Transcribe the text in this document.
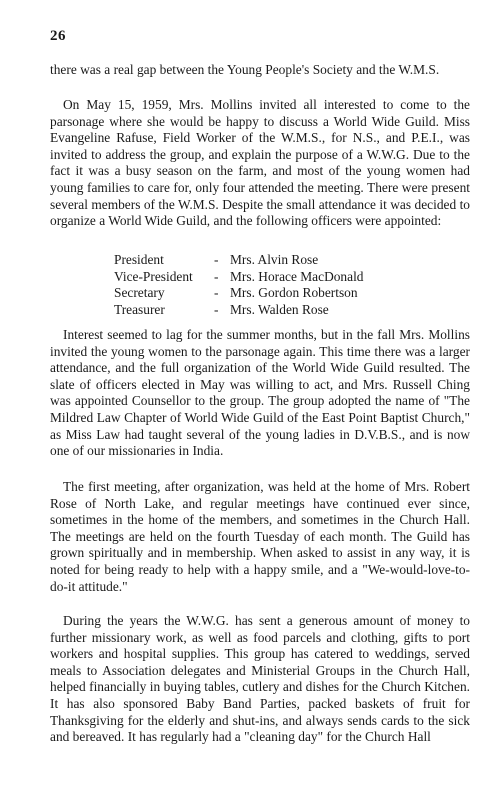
26
there was a real gap between the Young People's Society and the W.M.S.
On May 15, 1959, Mrs. Mollins invited all interested to come to the parsonage where she would be happy to discuss a World Wide Guild. Miss Evangeline Rafuse, Field Worker of the W.M.S., for N.S., and P.E.I., was invited to address the group, and explain the purpose of a W.W.G. Due to the fact it was a busy season on the farm, and most of the young women had young families to care for, only four attended the meeting. There were present several members of the W.M.S. Despite the small attendance it was decided to organize a World Wide Guild, and the following officers were appointed:
President	- Mrs. Alvin Rose
Vice-President	- Mrs. Horace MacDonald
Secretary	- Mrs. Gordon Robertson
Treasurer	- Mrs. Walden Rose
Interest seemed to lag for the summer months, but in the fall Mrs. Mollins invited the young women to the parsonage again. This time there was a larger attendance, and the full organization of the World Wide Guild resulted. The slate of officers elected in May was willing to act, and Mrs. Russell Ching was appointed Counsellor to the group. The group adopted the name of "The Mildred Law Chapter of World Wide Guild of the East Point Baptist Church," as Miss Law had taught several of the young ladies in D.V.B.S., and is now one of our missionaries in India.
The first meeting, after organization, was held at the home of Mrs. Robert Rose of North Lake, and regular meetings have continued ever since, sometimes in the home of the members, and sometimes in the Church Hall. The meetings are held on the fourth Tuesday of each month. The Guild has grown spiritually and in membership. When asked to assist in any way, it is noted for being ready to help with a happy smile, and a "We-would-love-to-do-it attitude."
During the years the W.W.G. has sent a generous amount of money to further missionary work, as well as food parcels and clothing, gifts to port workers and hospital supplies. This group has catered to weddings, served meals to Association delegates and Ministerial Groups in the Church Hall, helped financially in buying tables, cutlery and dishes for the Church Kitchen. It has also sponsored Baby Band Parties, packed baskets of fruit for Thanksgiving for the elderly and shut-ins, and always sends cards to the sick and bereaved. It has regularly had a "cleaning day" for the Church Hall
